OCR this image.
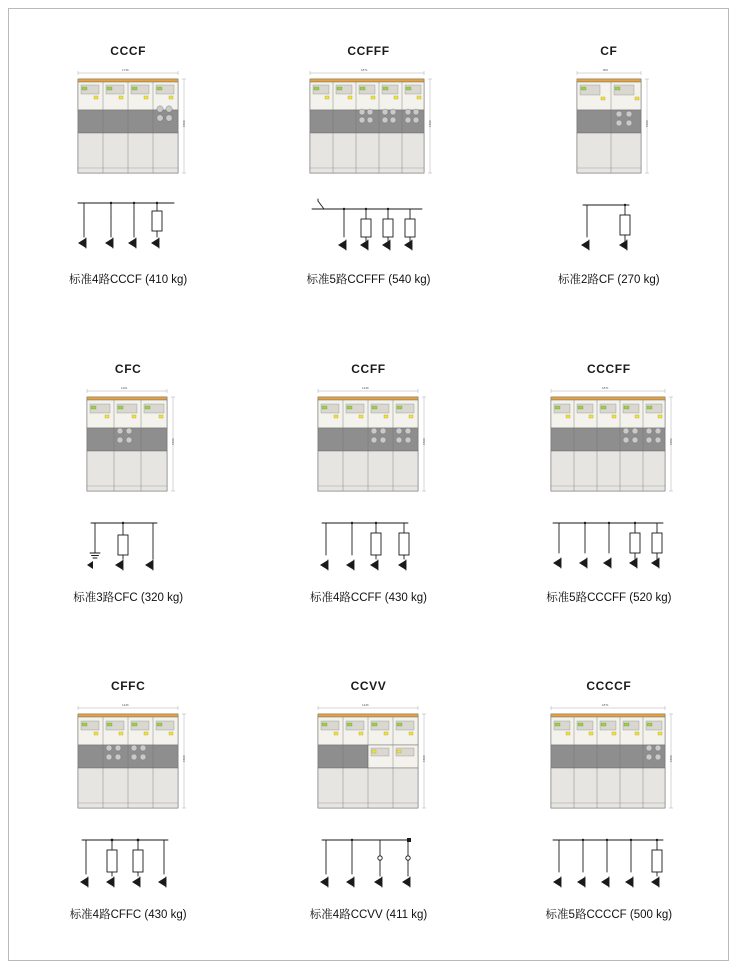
CCCF
1736
1500
标准4路CCCF (410 kg)
CCFFF
1871
1500
标准5路CCFFF (540 kg)
CF
800
1500
标准2路CF (270 kg)
CFC
1101
1500
标准3路CFC (320 kg)
CCFF
1436
1500
标准4路CCFF (430 kg)
CCCFF
1871
1500
标准5路CCCFF (520 kg)
CFFC
1436
1500
标准4路CFFC (430 kg)
CCVV
1436
1500
标准4路CCVV (411 kg)
CCCCF
1871
1500
标准5路CCCCF (500 kg)
